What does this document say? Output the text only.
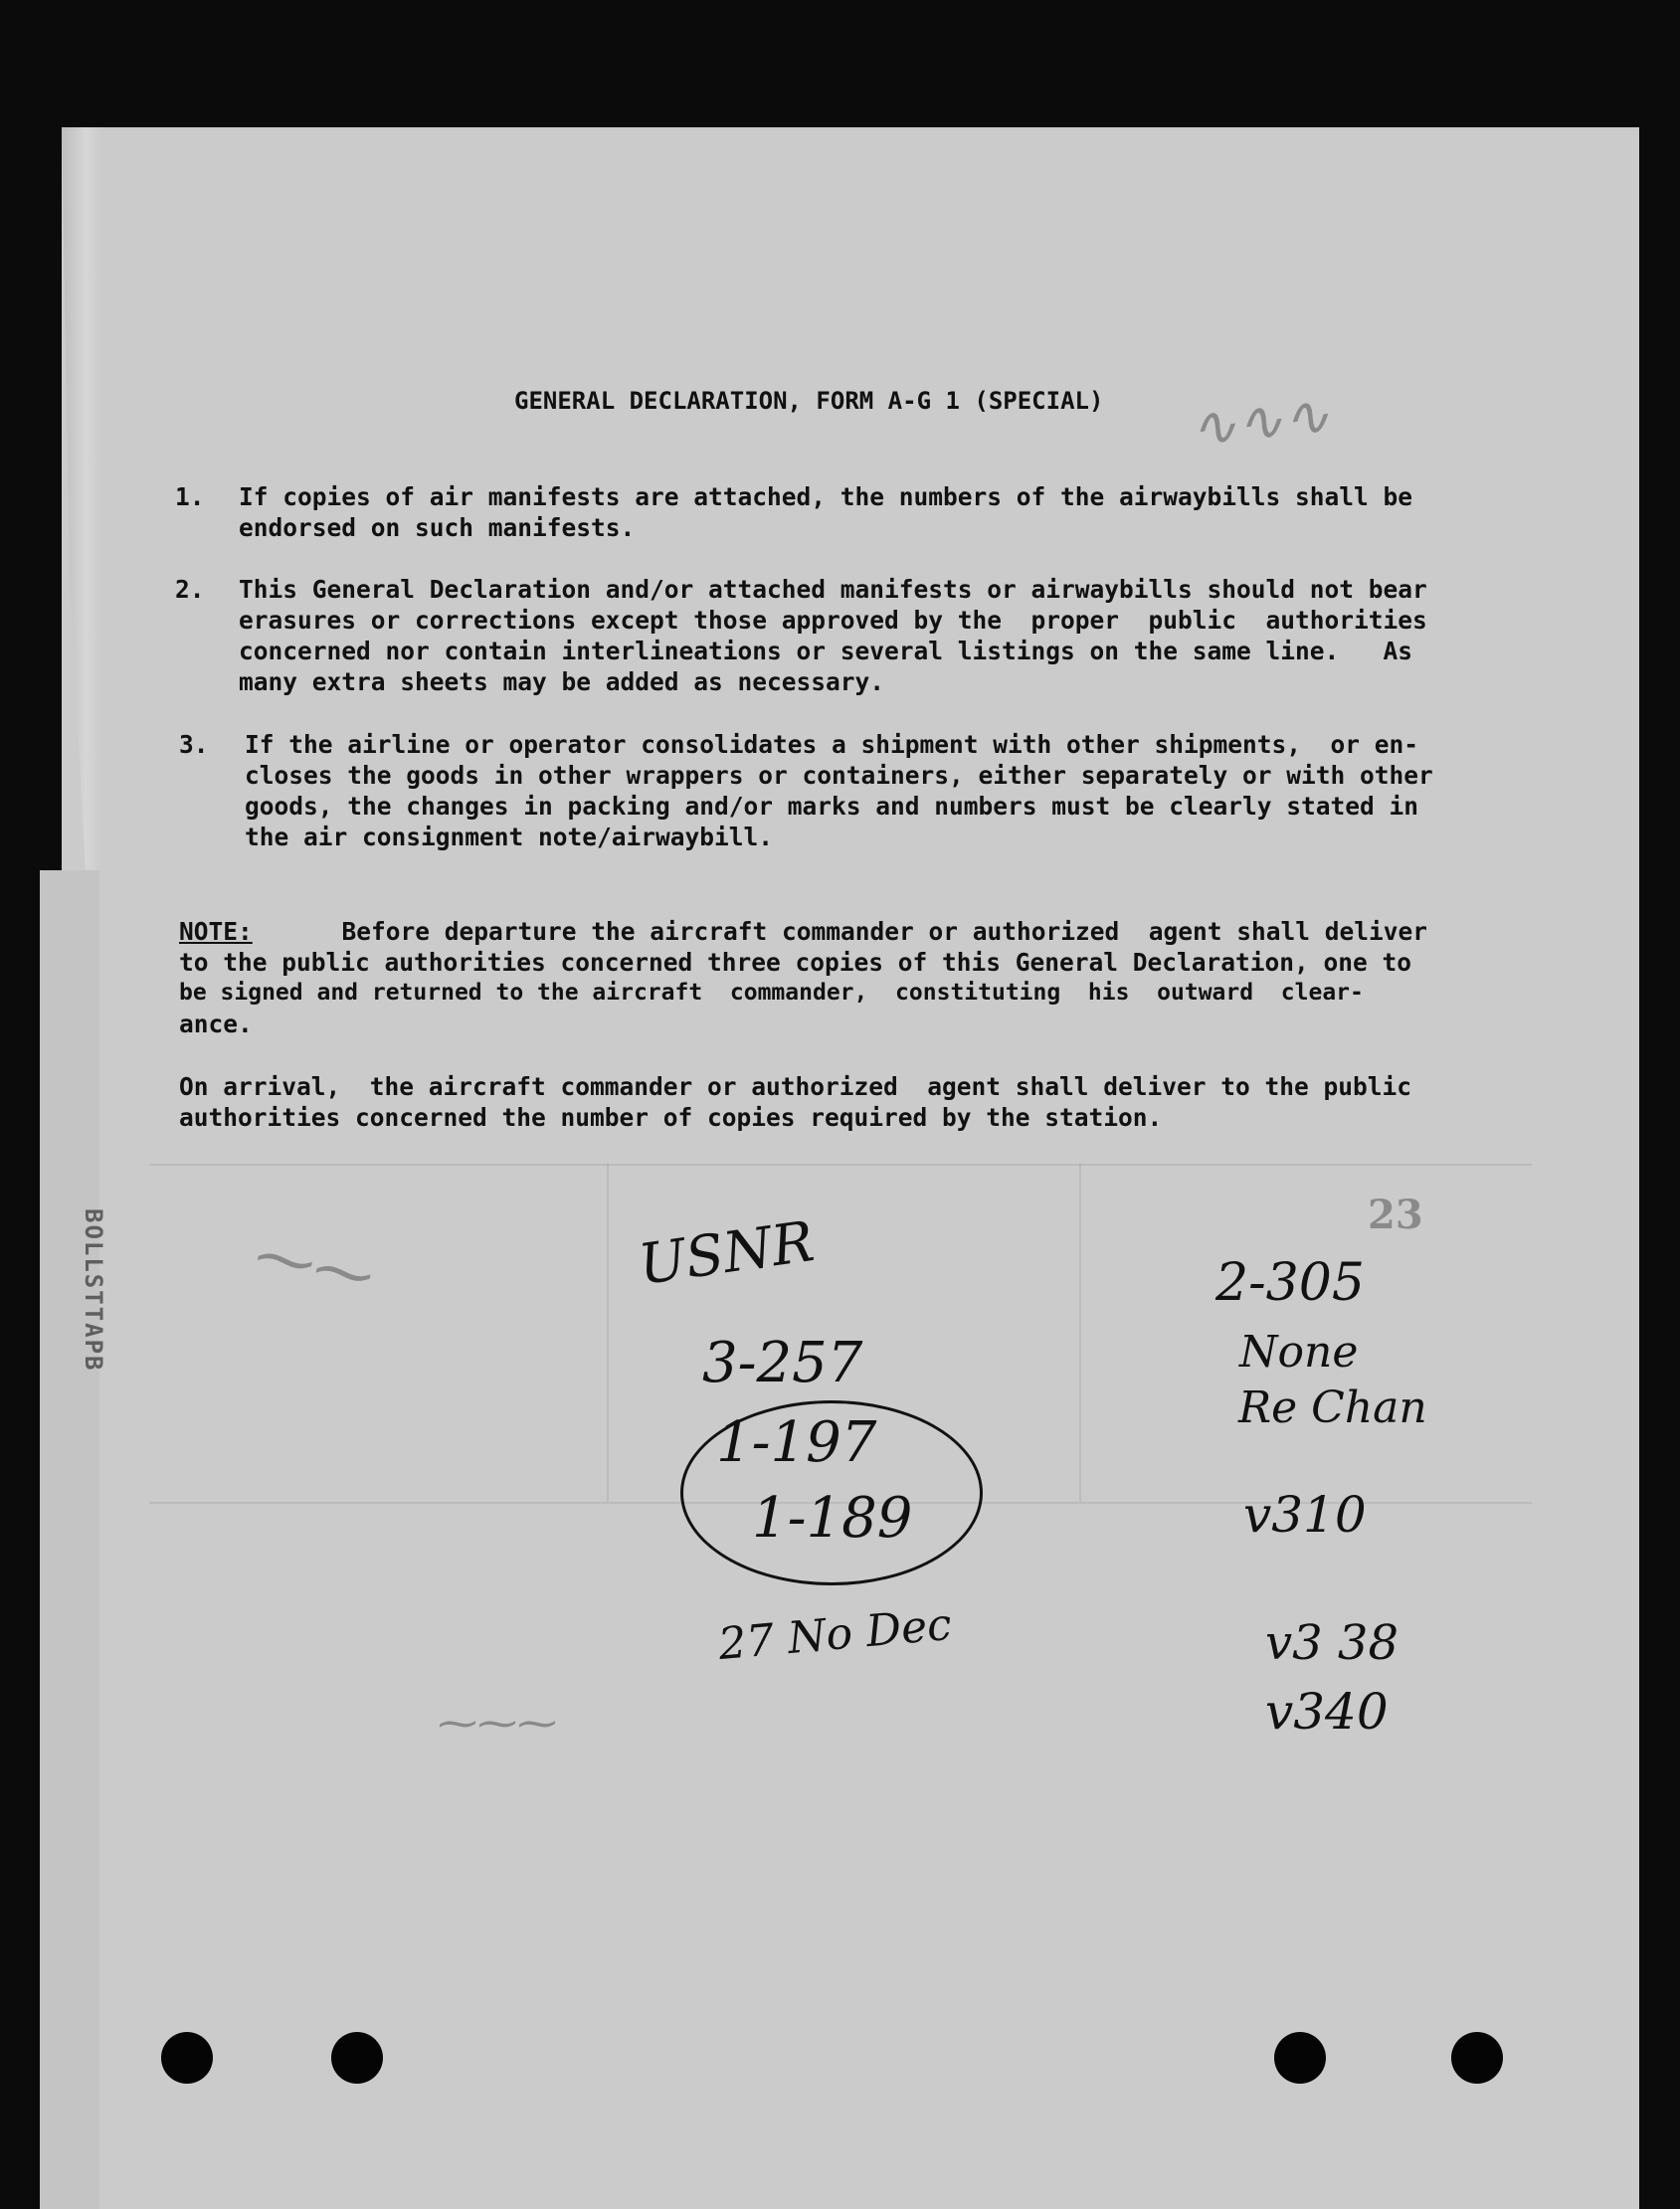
GENERAL DECLARATION, FORM A-G 1 (SPECIAL)
1. If copies of air manifests are attached, the numbers of the airwaybills shall be
endorsed on such manifests.
2. This General Declaration and/or attached manifests or airwaybills should not bear
erasures or corrections except those approved by the  proper  public  authorities
concerned nor contain interlineations or several listings on the same line.   As
many extra sheets may be added as necessary.
3. If the airline or operator consolidates a shipment with other shipments,  or en-
closes the goods in other wrappers or containers, either separately or with other
goods, the changes in packing and/or marks and numbers must be clearly stated in
the air consignment note/airwaybill.
NOTE: Before departure the aircraft commander or authorized  agent shall deliver
to the public authorities concerned three copies of this General Declaration, one to
be signed and returned to the aircraft  commander,  constituting  his  outward  clear-
ance.
On arrival,  the aircraft commander or authorized  agent shall deliver to the public
authorities concerned the number of copies required by the station.
BOLLSTTAPB	23
USNR
3-257
1-197
1-189
27 No Dec
2-305
None
Re Chan
v310
v3 38
v340
⁓⁓
⁓⁓⁓
∿∿∿
